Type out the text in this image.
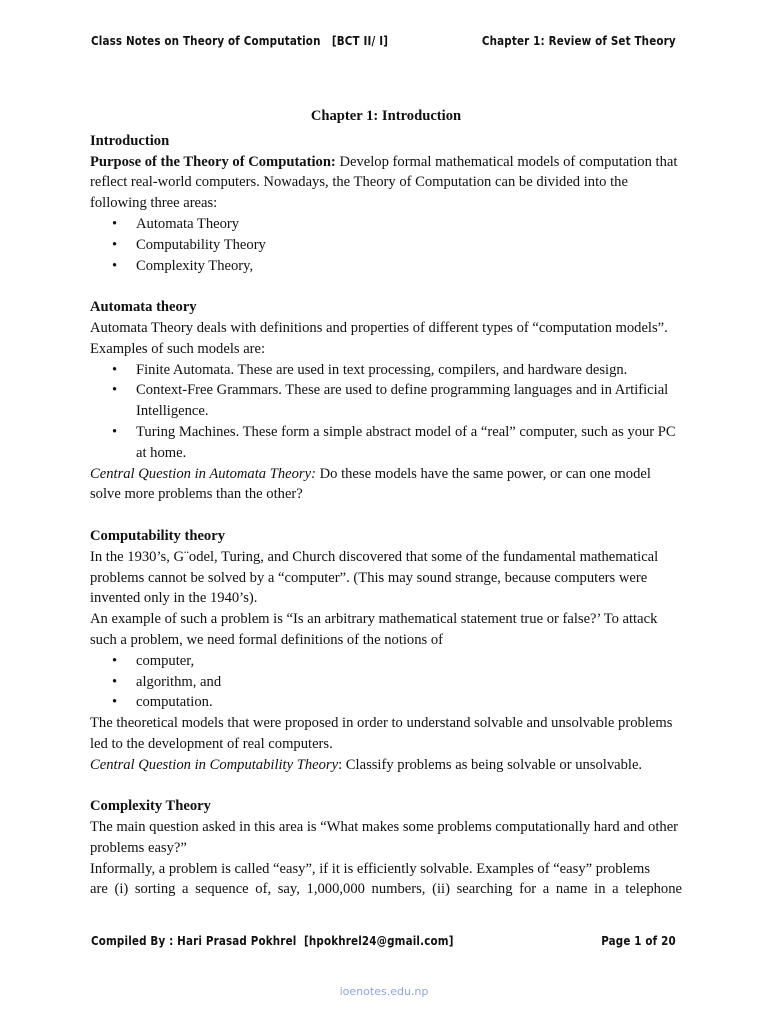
Class Notes on Theory of Computation   [BCT II/ I]	Chapter 1: Review of Set Theory

Chapter 1: Introduction

Introduction

Purpose of the Theory of Computation: Develop formal mathematical models of computation that reflect real-world computers. Nowadays, the Theory of Computation can be divided into the following three areas:

• Automata Theory
• Computability Theory
• Complexity Theory,

Automata theory

Automata Theory deals with definitions and properties of different types of “computation models”. Examples of such models are:

• Finite Automata. These are used in text processing, compilers, and hardware design.
• Context-Free Grammars. These are used to define programming languages and in Artificial Intelligence.
• Turing Machines. These form a simple abstract model of a “real” computer, such as your PC at home.

Central Question in Automata Theory: Do these models have the same power, or can one model solve more problems than the other?

Computability theory

In the 1930’s, G¨odel, Turing, and Church discovered that some of the fundamental mathematical problems cannot be solved by a “computer”. (This may sound strange, because computers were invented only in the 1940’s).

An example of such a problem is “Is an arbitrary mathematical statement true or false?’ To attack such a problem, we need formal definitions of the notions of

• computer,
• algorithm, and
• computation.

The theoretical models that were proposed in order to understand solvable and unsolvable problems led to the development of real computers.

Central Question in Computability Theory: Classify problems as being solvable or unsolvable.

Complexity Theory

The main question asked in this area is “What makes some problems computationally hard and other problems easy?”

Informally, a problem is called “easy”, if it is efficiently solvable. Examples of “easy” problems

are (i) sorting a sequence of, say, 1,000,000 numbers, (ii) searching for a name in a telephone

Compiled By : Hari Prasad Pokhrel  [hpokhrel24@gmail.com]	Page 1 of 20
ioenotes.edu.np
